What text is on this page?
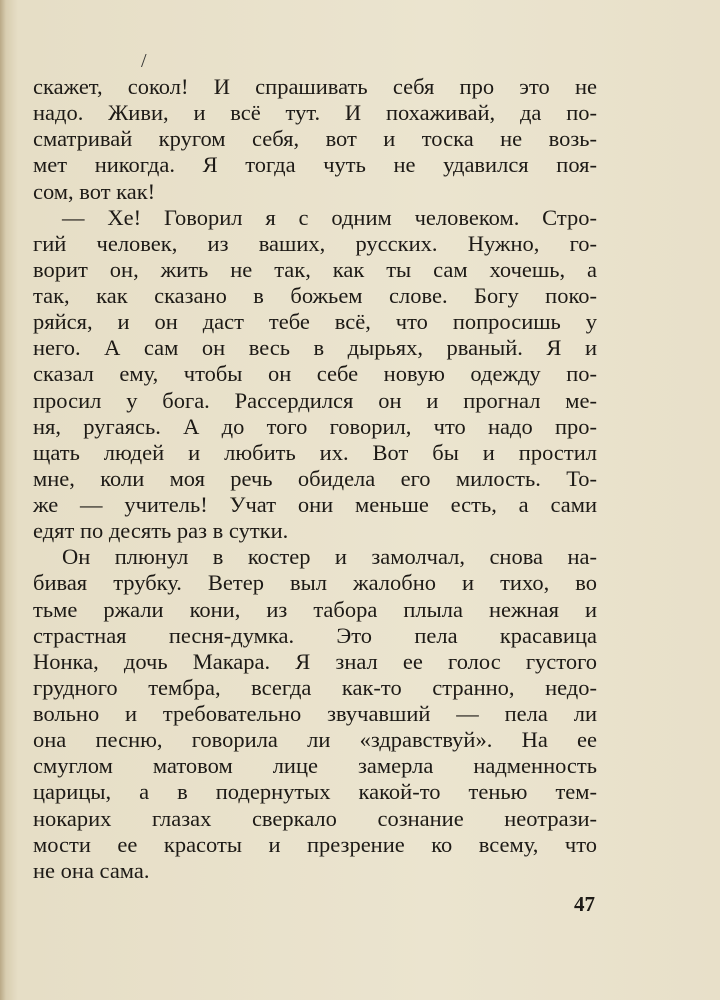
/
скажет, сокол! И спрашивать себя про это не
надо. Живи, и всё тут. И похаживай, да по-
сматривай кругом себя, вот и тоска не возь-
мет никогда. Я тогда чуть не удавился поя-
сом, вот как!
— Хе! Говорил я с одним человеком. Стро-
гий человек, из ваших, русских. Нужно, го-
ворит он, жить не так, как ты сам хочешь, а
так, как сказано в божьем слове. Богу поко-
ряйся, и он даст тебе всё, что попросишь у
него. А сам он весь в дырьях, рваный. Я и
сказал ему, чтобы он себе новую одежду по-
просил у бога. Рассердился он и прогнал ме-
ня, ругаясь. А до того говорил, что надо про-
щать людей и любить их. Вот бы и простил
мне, коли моя речь обидела его милость. То-
же — учитель! Учат они меньше есть, а сами
едят по десять раз в сутки.
Он плюнул в костер и замолчал, снова на-
бивая трубку. Ветер выл жалобно и тихо, во
тьме ржали кони, из табора плыла нежная и
страстная песня-думка. Это пела красавица
Нонка, дочь Макара. Я знал ее голос густого
грудного тембра, всегда как-то странно, недо-
вольно и требовательно звучавший — пела ли
она песню, говорила ли «здравствуй». На ее
смуглом матовом лице замерла надменность
царицы, а в подернутых какой-то тенью тем-
нокарих глазах сверкало сознание неотрази-
мости ее красоты и презрение ко всему, что
не она сама.
47
